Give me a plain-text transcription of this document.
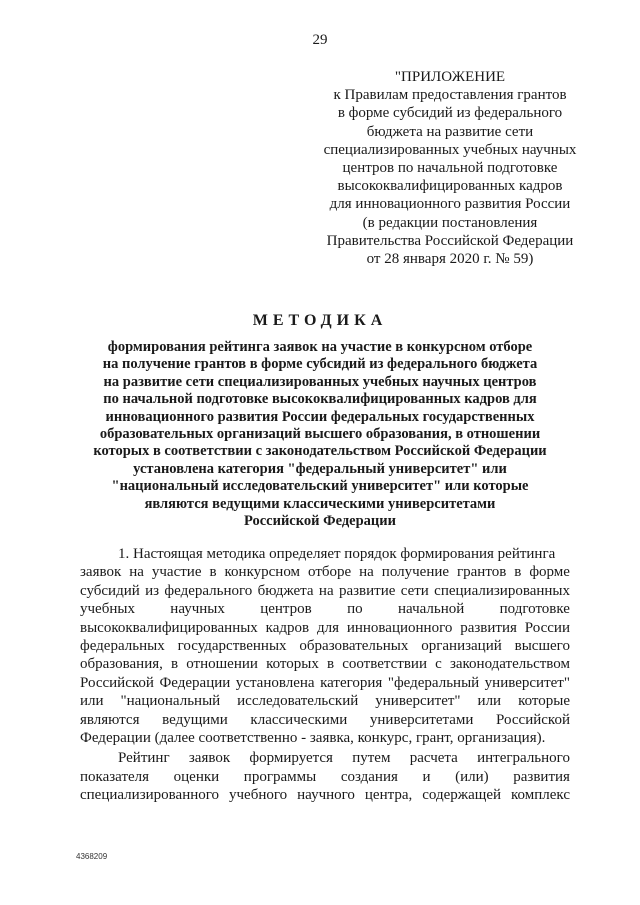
29
"ПРИЛОЖЕНИЕ
к Правилам предоставления грантов
в форме субсидий из федерального
бюджета на развитие сети
специализированных учебных научных
центров по начальной подготовке
высококвалифицированных кадров
для инновационного развития России
(в редакции постановления
Правительства Российской Федерации
от 28 января 2020 г. № 59)
МЕТОДИКА
формирования рейтинга заявок на участие в конкурсном отборе
на получение грантов в форме субсидий из федерального бюджета
на развитие сети специализированных учебных научных центров
по начальной подготовке высококвалифицированных кадров для
инновационного развития России федеральных государственных
образовательных организаций высшего образования, в отношении
которых в соответствии с законодательством Российской Федерации
установлена категория "федеральный университет" или
"национальный исследовательский университет" или которые
являются ведущими классическими университетами
Российской Федерации
1. Настоящая методика определяет порядок формирования рейтинга
заявок на участие в конкурсном отборе на получение грантов в форме
субсидий из федерального бюджета на развитие сети специализированных
учебных научных центров по начальной подготовке
высококвалифицированных кадров для инновационного развития России
федеральных государственных образовательных организаций высшего
образования, в отношении которых в соответствии с законодательством
Российской Федерации установлена категория "федеральный университет"
или "национальный исследовательский университет" или которые
являются ведущими классическими университетами Российской
Федерации (далее соответственно - заявка, конкурс, грант, организация).
Рейтинг заявок формируется путем расчета интегрального
показателя оценки программы создания и (или) развития
специализированного учебного научного центра, содержащей комплекс
4368209
